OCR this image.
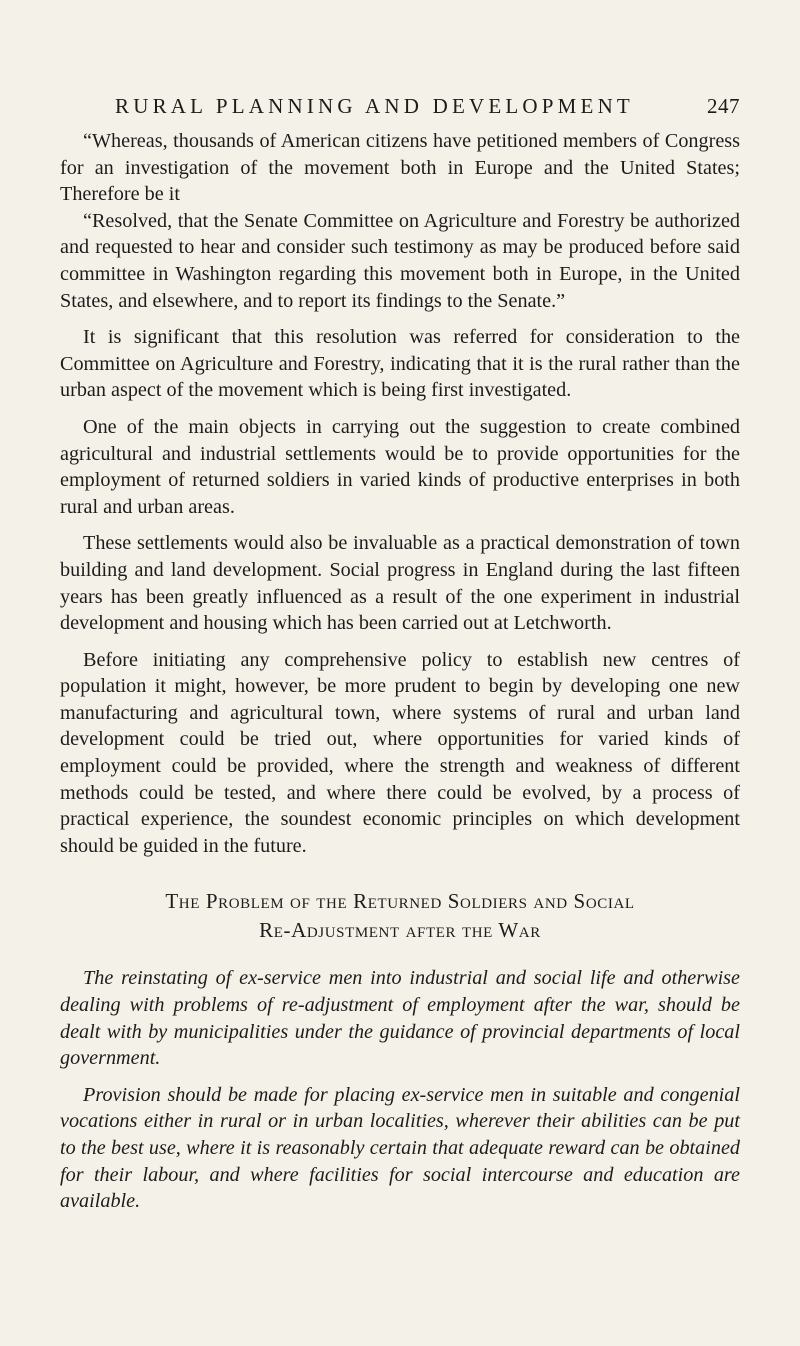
RURAL PLANNING AND DEVELOPMENT	247

“Whereas, thousands of American citizens have petitioned members of Congress for an investigation of the movement both in Europe and the United States; Therefore be it

“Resolved, that the Senate Committee on Agriculture and Forestry be authorized and requested to hear and consider such testimony as may be produced before said committee in Washington regarding this movement both in Europe, in the United States, and elsewhere, and to report its findings to the Senate.”

It is significant that this resolution was referred for consideration to the Committee on Agriculture and Forestry, indicating that it is the rural rather than the urban aspect of the movement which is being first investigated.

One of the main objects in carrying out the suggestion to create combined agricultural and industrial settlements would be to provide opportunities for the employment of returned soldiers in varied kinds of productive enterprises in both rural and urban areas.

These settlements would also be invaluable as a practical demonstration of town building and land development. Social progress in England during the last fifteen years has been greatly influenced as a result of the one experiment in industrial development and housing which has been carried out at Letchworth.

Before initiating any comprehensive policy to establish new centres of population it might, however, be more prudent to begin by developing one new manufacturing and agricultural town, where systems of rural and urban land development could be tried out, where opportunities for varied kinds of employment could be provided, where the strength and weakness of different methods could be tested, and where there could be evolved, by a process of practical experience, the soundest economic principles on which development should be guided in the future.

The Problem of the Returned Soldiers and Social
Re-Adjustment after the War

The reinstating of ex-service men into industrial and social life and otherwise dealing with problems of re-adjustment of employment after the war, should be dealt with by municipalities under the guidance of provincial departments of local government.

Provision should be made for placing ex-service men in suitable and congenial vocations either in rural or in urban localities, wherever their abilities can be put to the best use, where it is reasonably certain that adequate reward can be obtained for their labour, and where facilities for social intercourse and education are available.
